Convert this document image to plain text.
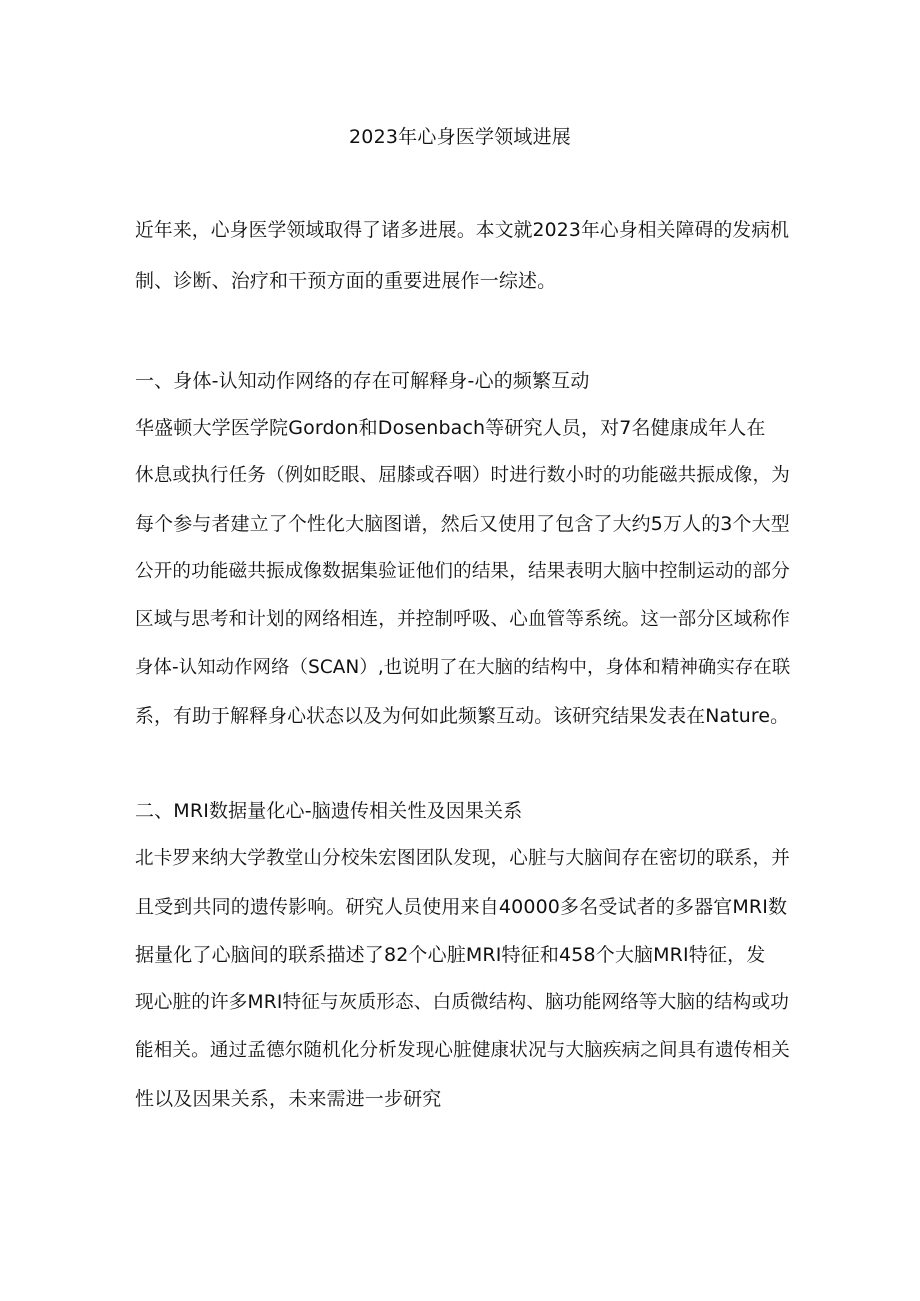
2023年心身医学领域进展
近年来，心身医学领域取得了诸多进展。本文就2023年心身相关障碍的发病机
制、诊断、治疗和干预方面的重要进展作一综述。
一、身体-认知动作网络的存在可解释身-心的频繁互动
华盛顿大学医学院Gordon和Dosenbach等研究人员，对7名健康成年人在
休息或执行任务（例如眨眼、屈膝或吞咽）时进行数小时的功能磁共振成像，为
每个参与者建立了个性化大脑图谱，然后又使用了包含了大约5万人的3个大型
公开的功能磁共振成像数据集验证他们的结果，结果表明大脑中控制运动的部分
区域与思考和计划的网络相连，并控制呼吸、心血管等系统。这一部分区域称作
身体-认知动作网络（SCAN）,也说明了在大脑的结构中，身体和精神确实存在联
系，有助于解释身心状态以及为何如此频繁互动。该研究结果发表在Nature。
二、MRI数据量化心-脑遗传相关性及因果关系
北卡罗来纳大学教堂山分校朱宏图团队发现，心脏与大脑间存在密切的联系，并
且受到共同的遗传影响。研究人员使用来自40000多名受试者的多器官MRI数
据量化了心脑间的联系描述了82个心脏MRI特征和458个大脑MRI特征，发
现心脏的许多MRI特征与灰质形态、白质微结构、脑功能网络等大脑的结构或功
能相关。通过孟德尔随机化分析发现心脏健康状况与大脑疾病之间具有遗传相关
性以及因果关系，未来需进一步研究
